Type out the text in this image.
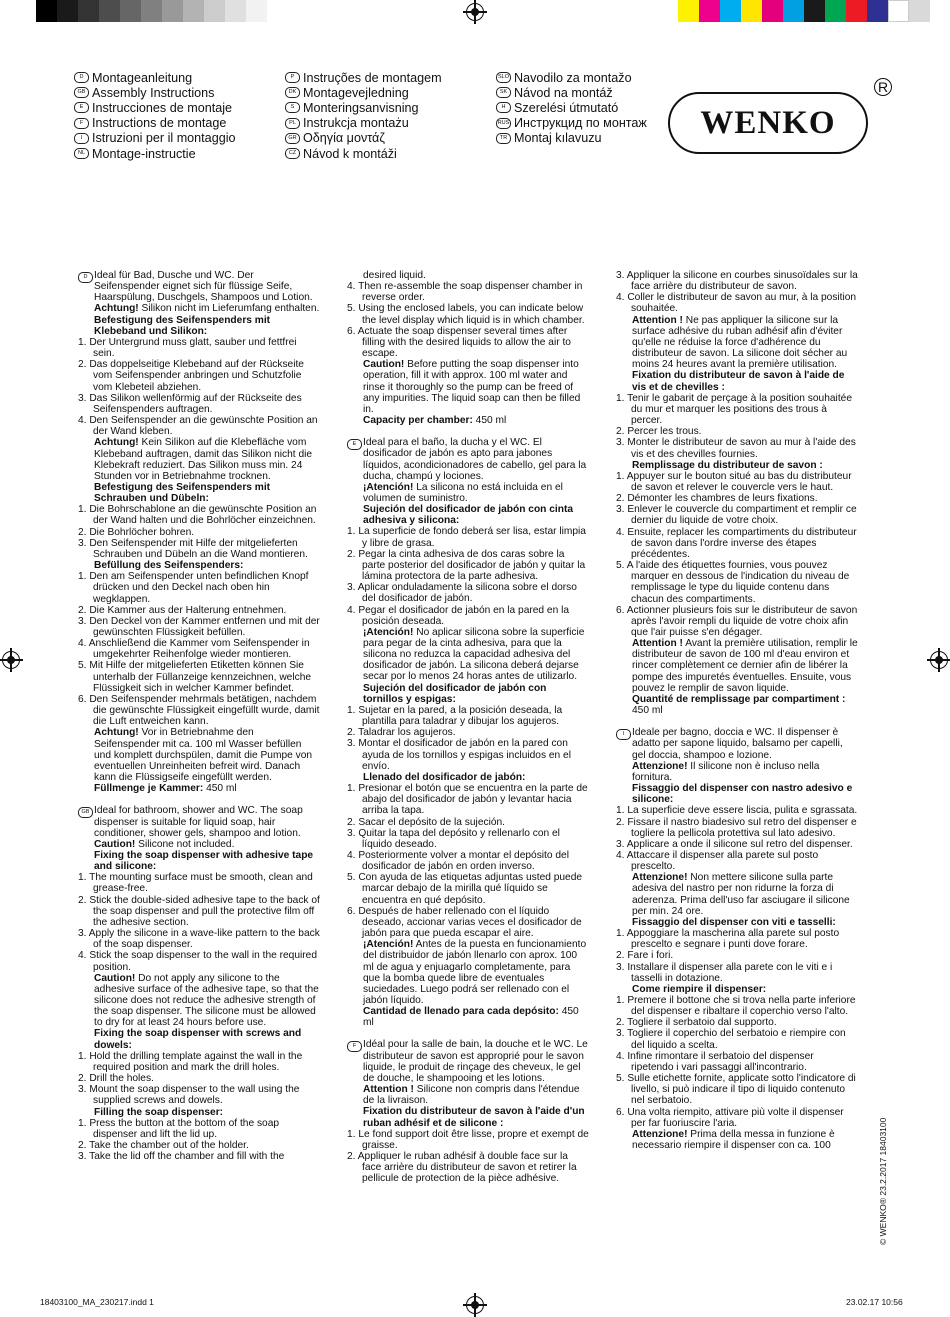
D Montageanleitung
GB Assembly Instructions
E Instrucciones de montaje
F Instructions de montage
I Istruzioni per il montaggio
NL Montage-instructie
P Instruções de montagem
DK Montagevejledning
S Monteringsanvisning
PL Instrukcja montażu
GR Οδηγία μοντάζ
CZ Návod k montáži
SLO Navodilo za montažo
SK Návod na montáž
H Szerelési útmutató
RUS Инструкцид по монтаж
TR Montaj kılavuzu	WENKO
R

D Ideal für Bad, Dusche und WC. Der Seifenspender eignet sich für flüssige Seife, Haarspülung, Duschgels, Shampoos und Lotion.

Achtung! Silikon nicht im Lieferumfang enthalten.

Befestigung des Seifenspenders mit Klebeband und Silikon:

1. Der Untergrund muss glatt, sauber und fettfrei sein.

2. Das doppelseitige Klebeband auf der Rückseite vom Seifenspender anbringen und Schutzfolie vom Klebeteil abziehen.

3. Das Silikon wellenförmig auf der Rückseite des Seifenspenders auftragen.

4. Den Seifenspender an die gewünschte Position an der Wand kleben.

Achtung! Kein Silikon auf die Klebefläche vom Klebeband auftragen, damit das Silikon nicht die Klebekraft reduziert. Das Silikon muss min. 24 Stunden vor in Betriebnahme trocknen.

Befestigung des Seifenspenders mit Schrauben und Dübeln:

1. Die Bohrschablone an die gewünschte Position an der Wand halten und die Bohrlöcher einzeichnen.

2. Die Bohrlöcher bohren.

3. Den Seifenspender mit Hilfe der mitgelieferten Schrauben und Dübeln an die Wand montieren.

Befüllung des Seifenspenders:

1. Den am Seifenspender unten befindlichen Knopf drücken und den Deckel nach oben hin wegklappen.

2. Die Kammer aus der Halterung entnehmen.

3. Den Deckel von der Kammer entfernen und mit der gewünschten Flüssigkeit befüllen.

4. Anschließend die Kammer vom Seifenspender in umgekehrter Reihenfolge wieder montieren.

5. Mit Hilfe der mitgelieferten Etiketten können Sie unterhalb der Füllanzeige kennzeichnen, welche Flüssigkeit sich in welcher Kammer befindet.

6. Den Seifenspender mehrmals betätigen, nachdem die gewünschte Flüssigkeit eingefüllt wurde, damit die Luft entweichen kann.

Achtung! Vor in Betriebnahme den Seifenspender mit ca. 100 ml Wasser befüllen und komplett durchspülen, damit die Pumpe von eventuellen Unreinheiten befreit wird. Danach kann die Flüssigseife eingefüllt werden.

Füllmenge je Kammer: 450 ml

GB Ideal for bathroom, shower and WC. The soap dispenser is suitable for liquid soap, hair conditioner, shower gels, shampoo and lotion.

Caution! Silicone not included.

Fixing the soap dispenser with adhesive tape and silicone:

1. The mounting surface must be smooth, clean and grease-free.

2. Stick the double-sided adhesive tape to the back of the soap dispenser and pull the protective film off the adhesive section.

3. Apply the silicone in a wave-like pattern to the back of the soap dispenser.

4. Stick the soap dispenser to the wall in the required position.

Caution! Do not apply any silicone to the adhesive surface of the adhesive tape, so that the silicone does not reduce the adhesive strength of the soap dispenser. The silicone must be allowed to dry for at least 24 hours before use.

Fixing the soap dispenser with screws and dowels:

1. Hold the drilling template against the wall in the required position and mark the drill holes.

2. Drill the holes.

3. Mount the soap dispenser to the wall using the supplied screws and dowels.

Filling the soap dispenser:

1. Press the button at the bottom of the soap dispenser and lift the lid up.

2. Take the chamber out of the holder.

3. Take the lid off the chamber and fill with the

desired liquid.

4. Then re-assemble the soap dispenser chamber in reverse order.

5. Using the enclosed labels, you can indicate below the level display which liquid is in which chamber.

6. Actuate the soap dispenser several times after filling with the desired liquids to allow the air to escape.

Caution! Before putting the soap dispenser into operation, fill it with approx. 100 ml water and rinse it thoroughly so the pump can be freed of any impurities. The liquid soap can then be filled in.

Capacity per chamber: 450 ml

E Ideal para el baño, la ducha y el WC. El dosificador de jabón es apto para jabones líquidos, acondicionadores de cabello, gel para la ducha, champú y lociones.

¡Atención! La silicona no está incluida en el volumen de suministro.

Sujeción del dosificador de jabón con cinta adhesiva y silicona:

1. La superficie de fondo deberá ser lisa, estar limpia y libre de grasa.

2. Pegar la cinta adhesiva de dos caras sobre la parte posterior del dosificador de jabón y quitar la lámina protectora de la parte adhesiva.

3. Aplicar onduladamente la silicona sobre el dorso del dosificador de jabón.

4. Pegar el dosificador de jabón en la pared en la posición deseada.

¡Atención! No aplicar silicona sobre la superficie para pegar de la cinta adhesiva, para que la silicona no reduzca la capacidad adhesiva del dosificador de jabón. La silicona deberá dejarse secar por lo menos 24 horas antes de utilizarlo.

Sujeción del dosificador de jabón con tornillos y espigas:

1. Sujetar en la pared, a la posición deseada, la plantilla para taladrar y dibujar los agujeros.

2. Taladrar los agujeros.

3. Montar el dosificador de jabón en la pared con ayuda de los tornillos y espigas incluidos en el envío.

Llenado del dosificador de jabón:

1. Presionar el botón que se encuentra en la parte de abajo del dosificador de jabón y levantar hacia arriba la tapa.

2. Sacar el depósito de la sujeción.

3. Quitar la tapa del depósito y rellenarlo con el líquido deseado.

4. Posteriormente volver a montar el depósito del dosificador de jabón en orden inverso.

5. Con ayuda de las etiquetas adjuntas usted puede marcar debajo de la mirilla qué líquido se encuentra en qué depósito.

6. Después de haber rellenado con el líquido deseado, accionar varias veces el dosificador de jabón para que pueda escapar el aire.

¡Atención! Antes de la puesta en funcionamiento del distribuidor de jabón llenarlo con aprox. 100 ml de agua y enjuagarlo completamente, para que la bomba quede libre de eventuales suciedades. Luego podrá ser rellenado con el jabón líquido.

Cantidad de llenado para cada depósito: 450 ml

F Idéal pour la salle de bain, la douche et le WC. Le distributeur de savon est approprié pour le savon liquide, le produit de rinçage des cheveux, le gel de douche, le shampooing et les lotions.

Attention ! Silicone non compris dans l'étendue de la livraison.

Fixation du distributeur de savon à l'aide d'un ruban adhésif et de silicone :

1. Le fond support doit être lisse, propre et exempt de graisse.

2. Appliquer le ruban adhésif à double face sur la face arrière du distributeur de savon et retirer la pellicule de protection de la pièce adhésive.

3. Appliquer la silicone en courbes sinusoïdales sur la face arrière du distributeur de savon.

4. Coller le distributeur de savon au mur, à la position souhaitée.

Attention ! Ne pas appliquer la silicone sur la surface adhésive du ruban adhésif afin d'éviter qu'elle ne réduise la force d'adhérence du distributeur de savon. La silicone doit sécher au moins 24 heures avant la première utilisation.

Fixation du distributeur de savon à l'aide de vis et de chevilles :

1. Tenir le gabarit de perçage à la position souhaitée du mur et marquer les positions des trous à percer.

2. Percer les trous.

3. Monter le distributeur de savon au mur à l'aide des vis et des chevilles fournies.

Remplissage du distributeur de savon :

1. Appuyer sur le bouton situé au bas du distributeur de savon et relever le couvercle vers le haut.

2. Démonter les chambres de leurs fixations.

3. Enlever le couvercle du compartiment et remplir ce dernier du liquide de votre choix.

4. Ensuite, replacer les compartiments du distributeur de savon dans l'ordre inverse des étapes précédentes.

5. A l'aide des étiquettes fournies, vous pouvez marquer en dessous de l'indication du niveau de remplissage le type du liquide contenu dans chacun des compartiments.

6. Actionner plusieurs fois sur le distributeur de savon après l'avoir rempli du liquide de votre choix afin que l'air puisse s'en dégager.

Attention ! Avant la première utilisation, remplir le distributeur de savon de 100 ml d'eau environ et rincer complètement ce dernier afin de libérer la pompe des impuretés éventuelles. Ensuite, vous pouvez le remplir de savon liquide.

Quantité de remplissage par compartiment :

450 ml

I Ideale per bagno, doccia e WC. Il dispenser è adatto per sapone liquido, balsamo per capelli, gel doccia, shampoo e lozione.

Attenzione! Il silicone non è incluso nella fornitura.

Fissaggio del dispenser con nastro adesivo e silicone:

1. La superficie deve essere liscia, pulita e sgrassata.

2. Fissare il nastro biadesivo sul retro del dispenser e togliere la pellicola protettiva sul lato adesivo.

3. Applicare a onde il silicone sul retro del dispenser.

4. Attaccare il dispenser alla parete sul posto prescelto.

Attenzione! Non mettere silicone sulla parte adesiva del nastro per non ridurne la forza di aderenza. Prima dell'uso far asciugare il silicone per min. 24 ore.

Fissaggio del dispenser con viti e tasselli:

1. Appoggiare la mascherina alla parete sul posto prescelto e segnare i punti dove forare.

2. Fare i fori.

3. Installare il dispenser alla parete con le viti e i tasselli in dotazione.

Come riempire il dispenser:

1. Premere il bottone che si trova nella parte inferiore del dispenser e ribaltare il coperchio verso l'alto.

2. Togliere il serbatoio dal supporto.

3. Togliere il coperchio del serbatoio e riempire con del liquido a scelta.

4. Infine rimontare il serbatoio del dispenser ripetendo i vari passaggi all'incontrario.

5. Sulle etichette fornite, applicate sotto l'indicatore di livello, si può indicare il tipo di liquido contenuto nel serbatoio.

6. Una volta riempito, attivare più volte il dispenser per far fuoriuscire l'aria.

Attenzione! Prima della messa in funzione è necessario riempire il dispenser con ca. 100	© WENKO® 23.2.2017 18403100
18403100_MA_230217.indd 1	23.02.17 10:56
